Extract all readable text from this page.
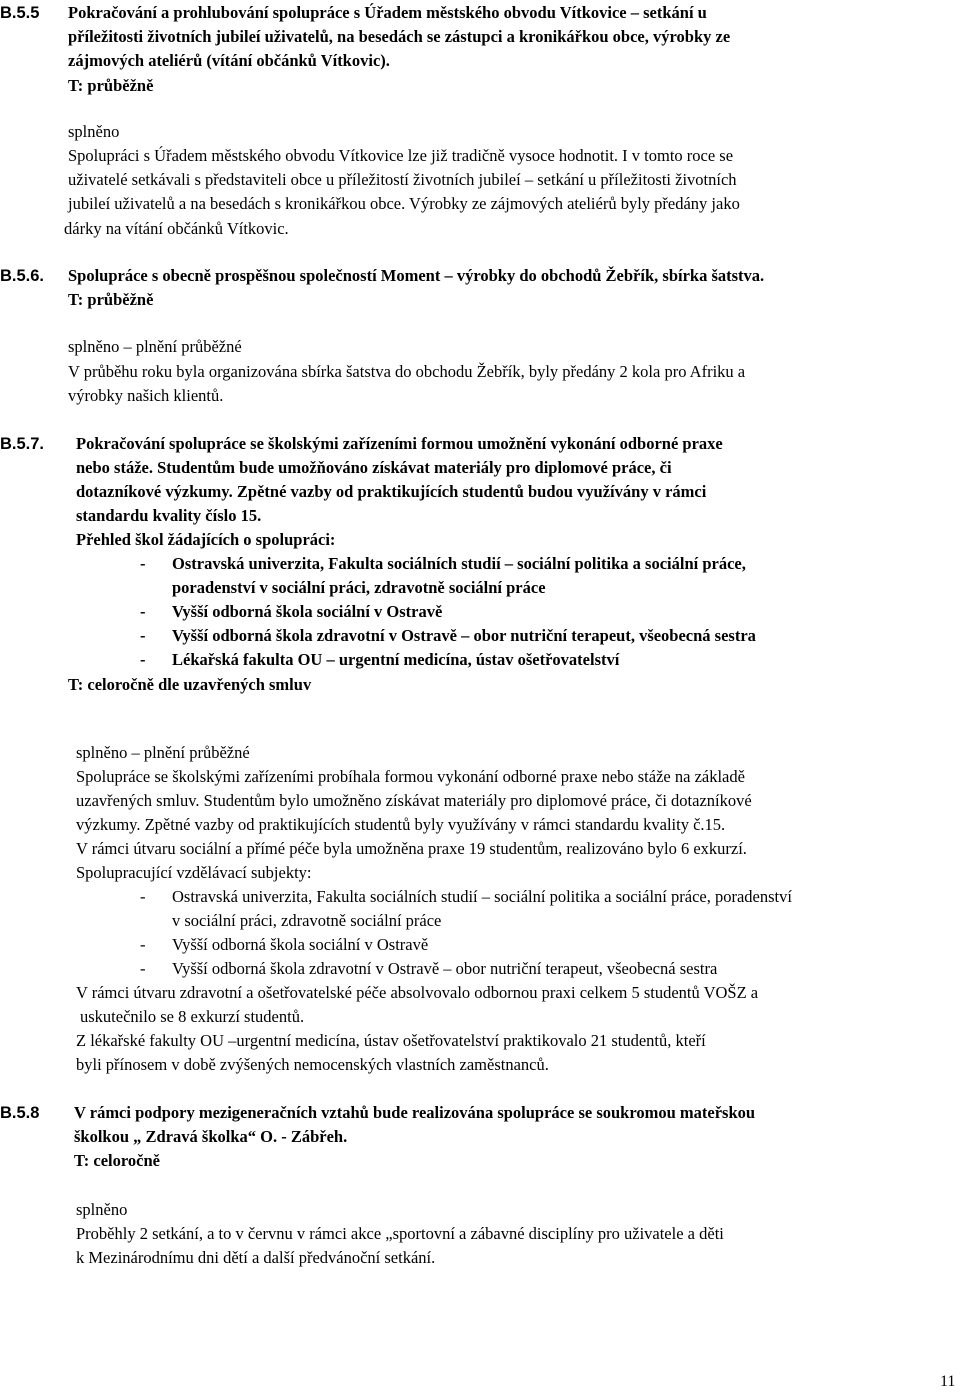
B.5.5 Pokračování a prohlubování spolupráce s Úřadem městského obvodu Vítkovice – setkání u
příležitosti životních jubileí uživatelů, na besedách se zástupci a kronikářkou obce, výrobky ze
zájmových ateliérů (vítání občánků Vítkovic).
T: průběžně
splněno
Spolupráci s Úřadem městského obvodu Vítkovice lze již tradičně vysoce hodnotit. I v tomto roce se
uživatelé setkávali s představiteli obce u příležitostí životních jubileí – setkání u příležitosti životních
jubileí uživatelů a na besedách s kronikářkou obce. Výrobky ze zájmových ateliérů byly předány jako
dárky na vítání občánků Vítkovic.
B.5.6. Spolupráce s obecně prospěšnou společností Moment – výrobky do obchodů Žebřík, sbírka šatstva.
T: průběžně
splněno – plnění průběžné
V průběhu roku byla organizována sbírka šatstva do obchodu Žebřík, byly předány 2 kola pro Afriku a
výrobky našich klientů.
B.5.7. Pokračování spolupráce se školskými zařízeními formou umožnění vykonání odborné praxe
nebo stáže. Studentům bude umožňováno získávat materiály pro diplomové práce, či
dotazníkové výzkumy. Zpětné vazby od praktikujících studentů budou využívány v rámci
standardu kvality číslo 15.
Přehled škol žádajících o spolupráci:
- Ostravská univerzita, Fakulta sociálních studií – sociální politika a sociální práce,
poradenství v sociální práci, zdravotně sociální práce
- Vyšší odborná škola sociální v Ostravě
- Vyšší odborná škola zdravotní v Ostravě – obor nutriční terapeut, všeobecná sestra
- Lékařská fakulta OU – urgentní medicína, ústav ošetřovatelství
T: celoročně dle uzavřených smluv
splněno – plnění průběžné
Spolupráce se školskými zařízeními probíhala formou vykonání odborné praxe nebo stáže na základě
uzavřených smluv. Studentům bylo umožněno získávat materiály pro diplomové práce, či dotazníkové
výzkumy. Zpětné vazby od praktikujících studentů byly využívány v rámci standardu kvality č.15.
V rámci útvaru sociální a přímé péče byla umožněna praxe 19 studentům, realizováno bylo 6 exkurzí.
Spolupracující vzdělávací subjekty:
- Ostravská univerzita, Fakulta sociálních studií – sociální politika a sociální práce, poradenství
v sociální práci, zdravotně sociální práce
- Vyšší odborná škola sociální v Ostravě
- Vyšší odborná škola zdravotní v Ostravě – obor nutriční terapeut, všeobecná sestra
V rámci útvaru zdravotní a ošetřovatelské péče absolvovalo odbornou praxi celkem 5 studentů VOŠZ a
uskutečnilo se 8 exkurzí studentů.
Z lékařské fakulty OU –urgentní medicína, ústav ošetřovatelství praktikovalo 21 studentů, kteří
byli přínosem v době zvýšených nemocenských vlastních zaměstnanců.
B.5.8 V rámci podpory mezigeneračních vztahů bude realizována spolupráce se soukromou mateřskou
školkou „ Zdravá školka“ O. - Zábřeh.
T: celoročně
splněno
Proběhly 2 setkání, a to v červnu v rámci akce „sportovní a zábavné disciplíny pro uživatele a děti
k Mezinárodnímu dni dětí a další předvánoční setkání.
11
